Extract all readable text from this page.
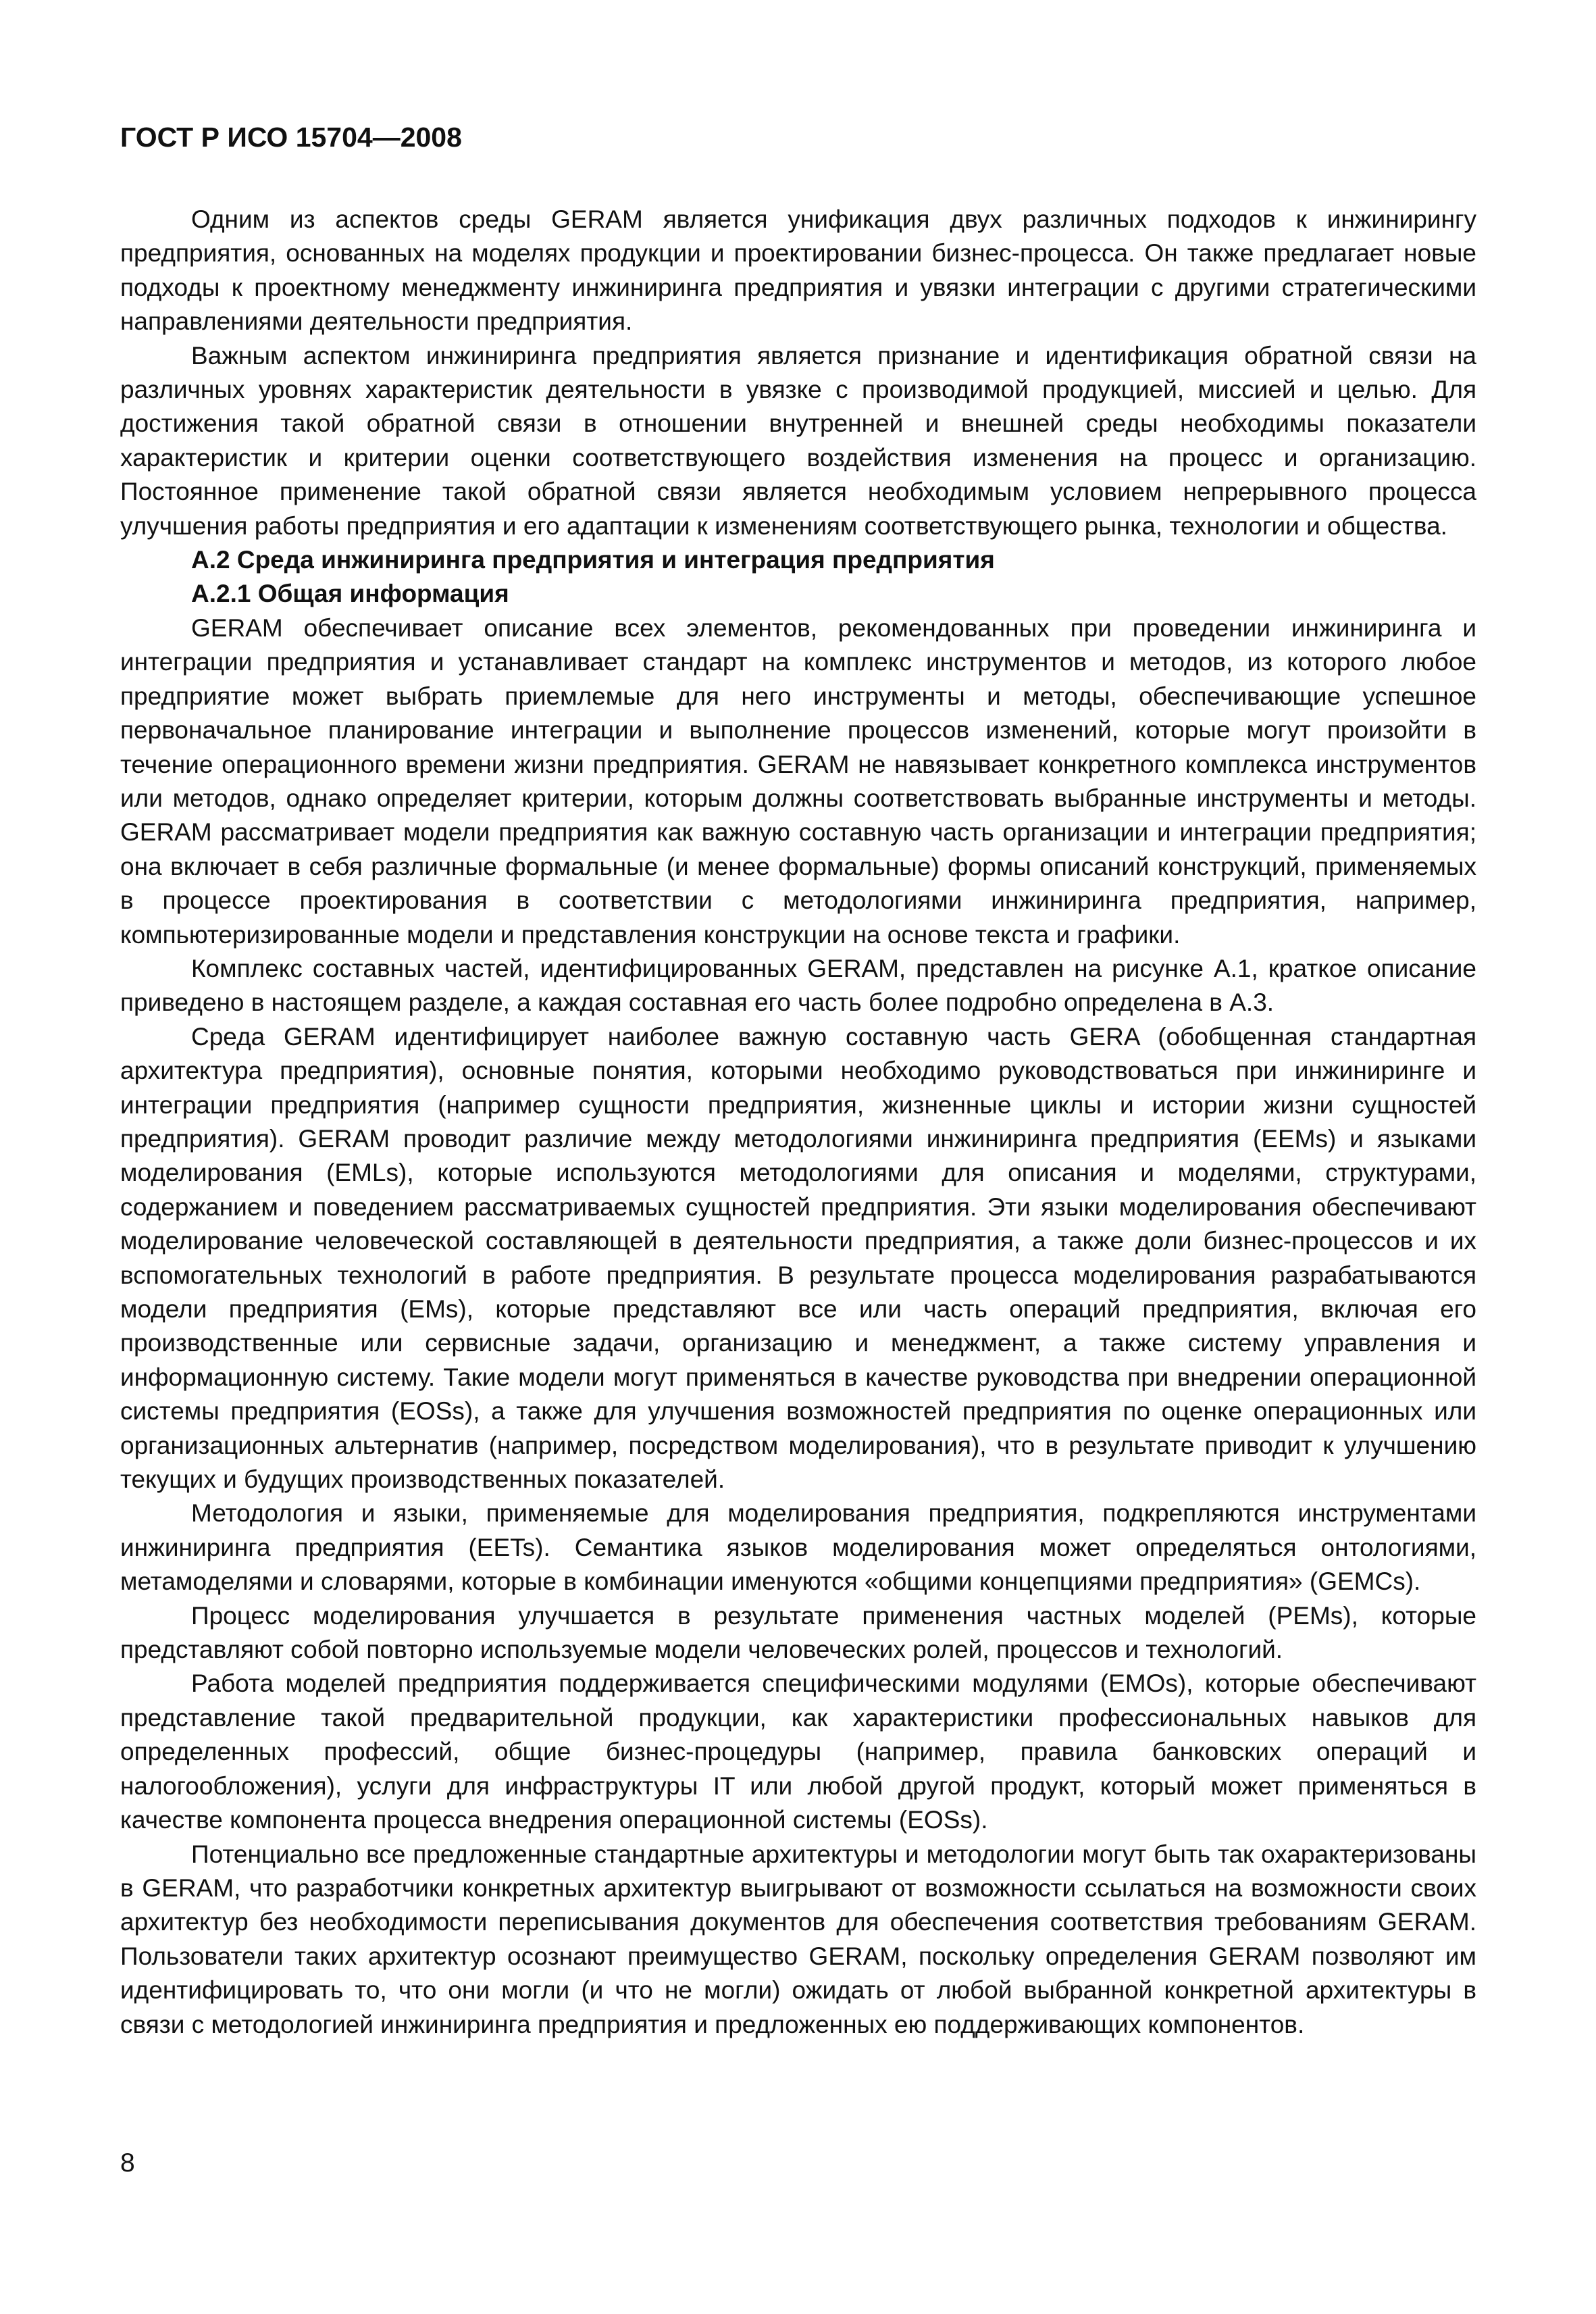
ГОСТ Р ИСО 15704—2008

Одним из аспектов среды GERAM является унификация двух различных подходов к инжинирингу предприятия, основанных на моделях продукции и проектировании бизнес-процесса. Он также предлагает новые подходы к проектному менеджменту инжиниринга предприятия и увязки интеграции с другими стратегическими направлениями деятельности предприятия.

Важным аспектом инжиниринга предприятия является признание и идентификация обратной связи на различных уровнях характеристик деятельности в увязке с производимой продукцией, миссией и целью. Для достижения такой обратной связи в отношении внутренней и внешней среды необходимы показатели характеристик и критерии оценки соответствующего воздействия изменения на процесс и организацию. Постоянное применение такой обратной связи является необходимым условием непрерывного процесса улучшения работы предприятия и его адаптации к изменениям соответствующего рынка, технологии и общества.

А.2 Среда инжиниринга предприятия и интеграция предприятия

А.2.1 Общая информация

GERAM обеспечивает описание всех элементов, рекомендованных при проведении инжиниринга и интеграции предприятия и устанавливает стандарт на комплекс инструментов и методов, из которого любое предприятие может выбрать приемлемые для него инструменты и методы, обеспечивающие успешное первоначальное планирование интеграции и выполнение процессов изменений, которые могут произойти в течение операционного времени жизни предприятия. GERAM не навязывает конкретного комплекса инструментов или методов, однако определяет критерии, которым должны соответствовать выбранные инструменты и методы. GERAM рассматривает модели предприятия как важную составную часть организации и интеграции предприятия; она включает в себя различные формальные (и менее формальные) формы описаний конструкций, применяемых в процессе проектирования в соответствии с методологиями инжиниринга предприятия, например, компьютеризированные модели и представления конструкции на основе текста и графики.

Комплекс составных частей, идентифицированных GERAM, представлен на рисунке А.1, краткое описание приведено в настоящем разделе, а каждая составная его часть более подробно определена в А.3.

Среда GERAM идентифицирует наиболее важную составную часть GERA (обобщенная стандартная архитектура предприятия), основные понятия, которыми необходимо руководствоваться при инжиниринге и интеграции предприятия (например сущности предприятия, жизненные циклы и истории жизни сущностей предприятия). GERAM проводит различие между методологиями инжиниринга предприятия (EEMs) и языками моделирования (EMLs), которые используются методологиями для описания и моделями, структурами, содержанием и поведением рассматриваемых сущностей предприятия. Эти языки моделирования обеспечивают моделирование человеческой составляющей в деятельности предприятия, а также доли бизнес-процессов и их вспомогательных технологий в работе предприятия. В результате процесса моделирования разрабатываются модели предприятия (EMs), которые представляют все или часть операций предприятия, включая его производственные или сервисные задачи, организацию и менеджмент, а также систему управления и информационную систему. Такие модели могут применяться в качестве руководства при внедрении операционной системы предприятия (EOSs), а также для улучшения возможностей предприятия по оценке операционных или организационных альтернатив (например, посредством моделирования), что в результате приводит к улучшению текущих и будущих производственных показателей.

Методология и языки, применяемые для моделирования предприятия, подкрепляются инструментами инжиниринга предприятия (EETs). Семантика языков моделирования может определяться онтологиями, метамоделями и словарями, которые в комбинации именуются «общими концепциями предприятия» (GEMCs).

Процесс моделирования улучшается в результате применения частных моделей (PEMs), которые представляют собой повторно используемые модели человеческих ролей, процессов и технологий.

Работа моделей предприятия поддерживается специфическими модулями (EMOs), которые обеспечивают представление такой предварительной продукции, как характеристики профессиональных навыков для определенных профессий, общие бизнес-процедуры (например, правила банковских операций и налогообложения), услуги для инфраструктуры IT или любой другой продукт, который может применяться в качестве компонента процесса внедрения операционной системы (EOSs).

Потенциально все предложенные стандартные архитектуры и методологии могут быть так охарактеризованы в GERAM, что разработчики конкретных архитектур выигрывают от возможности ссылаться на возможности своих архитектур без необходимости переписывания документов для обеспечения соответствия требованиям GERAM. Пользователи таких архитектур осознают преимущество GERAM, поскольку определения GERAM позволяют им идентифицировать то, что они могли (и что не могли) ожидать от любой выбранной конкретной архитектуры в связи с методологией инжиниринга предприятия и предложенных ею поддерживающих компонентов.

8
